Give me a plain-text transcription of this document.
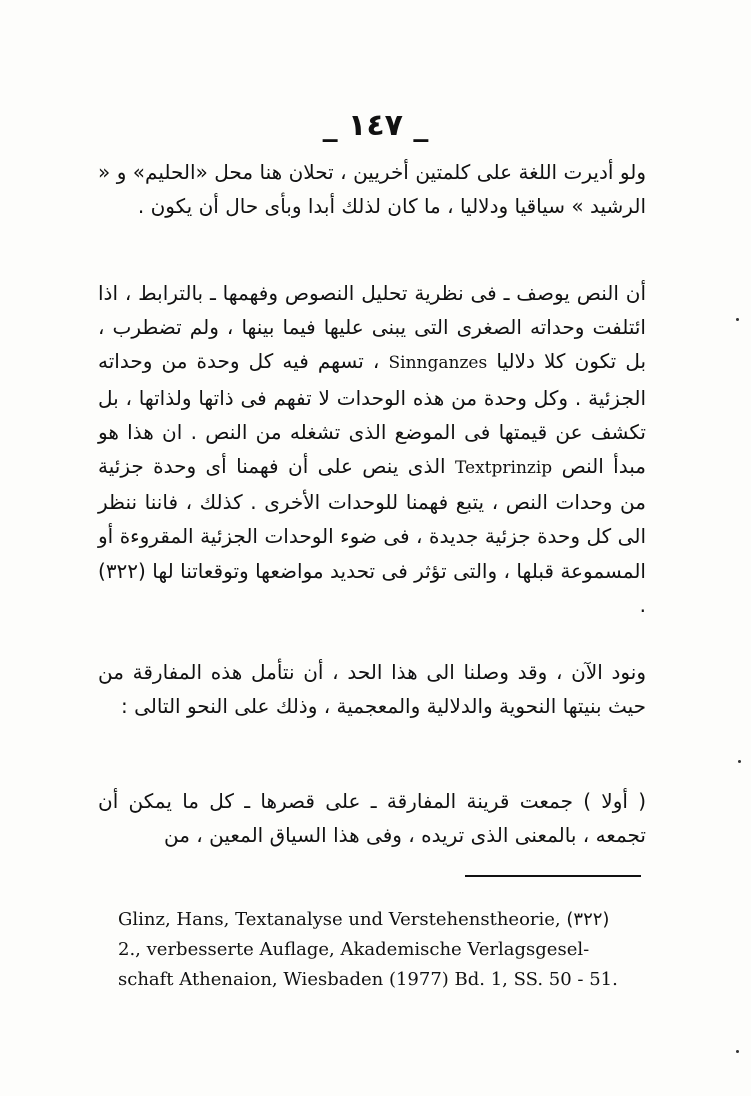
_ ١٤٧ _

ولو أديرت اللغة على كلمتين أخريين ، تحلان هنا محل «الحليم» و « الرشيد » سياقيا ودلاليا ، ما كان لذلك أبدا وبأى حال أن يكون .

أن النص يوصف ـ فى نظرية تحليل النصوص وفهمها ـ بالترابط ، اذا ائتلفت وحداته الصغرى التى يبنى عليها فيما بينها ، ولم تضطرب ، بل تكون كلا دلاليا Sinnganzes ، تسهم فيه كل وحدة من وحداته الجزئية . وكل وحدة من هذه الوحدات لا تفهم فى ذاتها ولذاتها ، بل تكشف عن قيمتها فى الموضع الذى تشغله من النص . ان هذا هو مبدأ النص Textprinzip الذى ينص على أن فهمنا أى وحدة جزئية من وحدات النص ، يتبع فهمنا للوحدات الأخرى . كذلك ، فاننا ننظر الى كل وحدة جزئية جديدة ، فى ضوء الوحدات الجزئية المقروءة أو المسموعة قبلها ، والتى تؤثر فى تحديد مواضعها وتوقعاتنا لها (٣٢٢) .

ونود الآن ، وقد وصلنا الى هذا الحد ، أن نتأمل هذه المفارقة من حيث بنيتها النحوية والدلالية والمعجمية ، وذلك على النحو التالى :

( أولا ) جمعت قرينة المفارقة ـ على قصرها ـ كل ما يمكن أن تجمعه ، بالمعنى الذى تريده ، وفى هذا السياق المعين ، من

Glinz, Hans, Textanalyse und Verstehenstheorie, (٣٢٢)
2., verbesserte Auflage, Akademische Verlagsgesel-
schaft Athenaion, Wiesbaden (1977) Bd. 1, SS. 50 - 51.
